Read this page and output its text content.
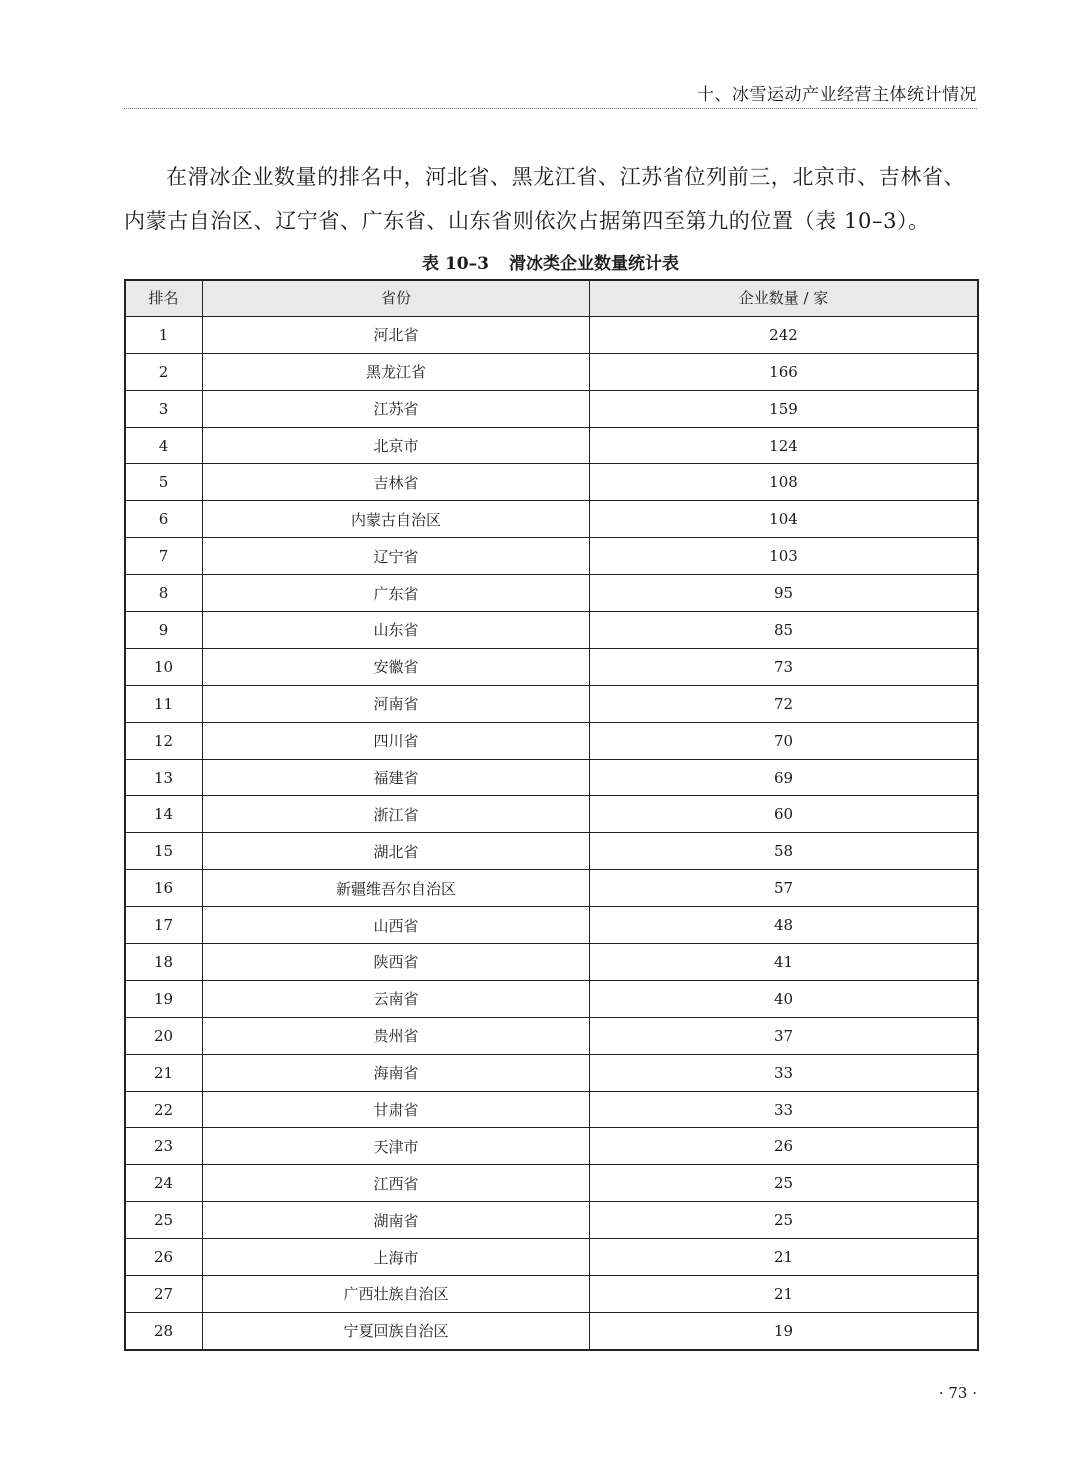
十、冰雪运动产业经营主体统计情况

在滑冰企业数量的排名中，河北省、黑龙江省、江苏省位列前三，北京市、吉林省、内蒙古自治区、辽宁省、广东省、山东省则依次占据第四至第九的位置（表 10–3）。

表 10–3 滑冰类企业数量统计表
排名	省份	企业数量 / 家
1	河北省	242
2	黑龙江省	166
3	江苏省	159
4	北京市	124
5	吉林省	108
6	内蒙古自治区	104
7	辽宁省	103
8	广东省	95
9	山东省	85
10	安徽省	73
11	河南省	72
12	四川省	70
13	福建省	69
14	浙江省	60
15	湖北省	58
16	新疆维吾尔自治区	57
17	山西省	48
18	陕西省	41
19	云南省	40
20	贵州省	37
21	海南省	33
22	甘肃省	33
23	天津市	26
24	江西省	25
25	湖南省	25
26	上海市	21
27	广西壮族自治区	21
28	宁夏回族自治区	19
· 73 ·
